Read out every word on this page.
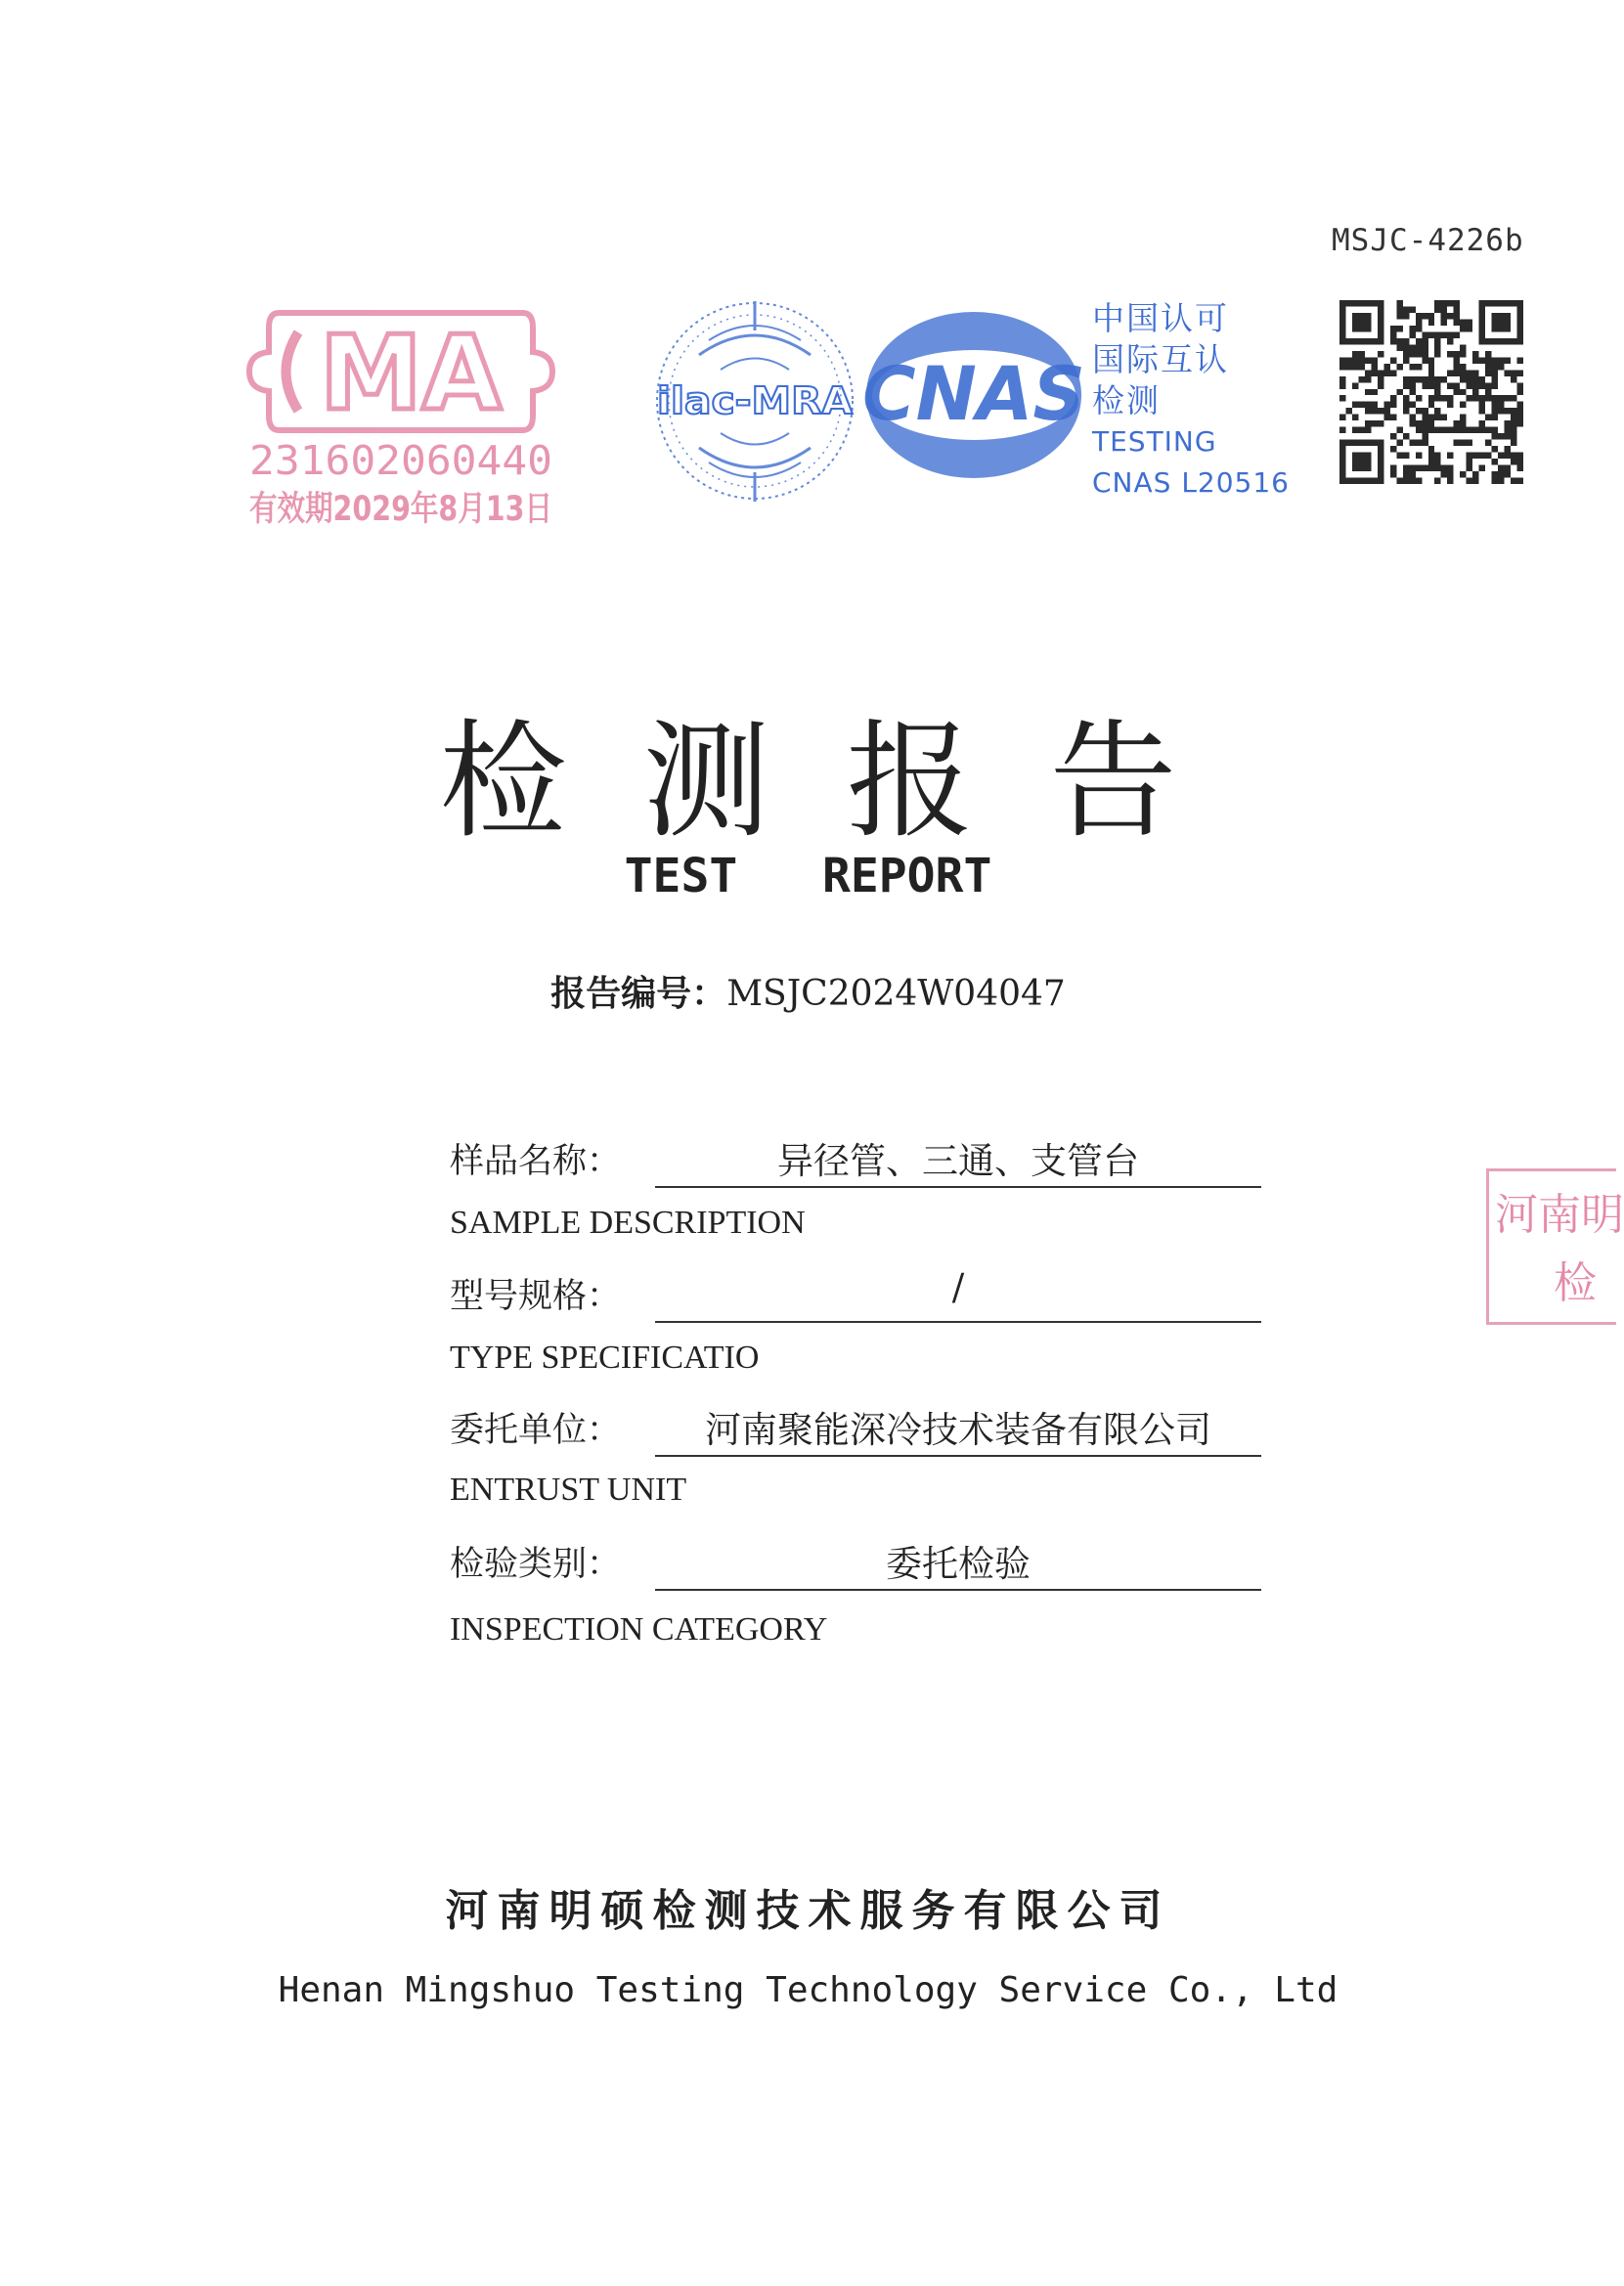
MSJC-4226b
MA
231602060440
有效期2029年8月13日
ilac-MRA CNAS
中国认可
国际互认
检测
TESTING
CNAS L20516
检测报告
TEST   REPORT
报告编号：MSJC2024W04047
样品名称：	异径管、三通、支管台
SAMPLE DESCRIPTION
型号规格：	/
TYPE SPECIFICATIO
委托单位：	河南聚能深冷技术装备有限公司
ENTRUST UNIT
检验类别：	委托检验
INSPECTION CATEGORY
河南明
检
河南明硕检测技术服务有限公司
Henan Mingshuo Testing Technology Service Co., Ltd
